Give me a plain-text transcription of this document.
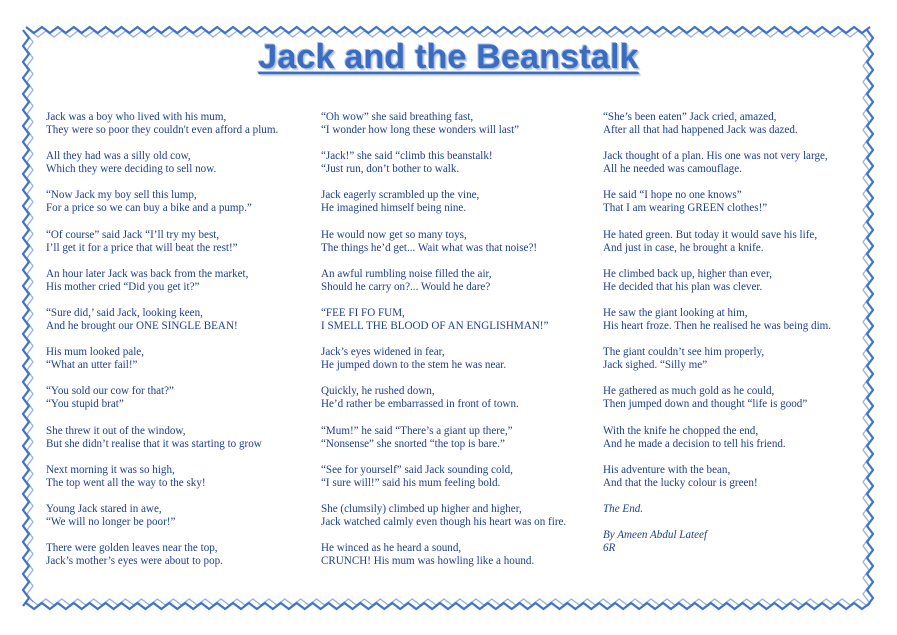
Jack and the Beanstalk
Jack was a boy who lived with his mum,
They were so poor they couldn't even afford a plum.
All they had was a silly old cow,
Which they were deciding to sell now.
“Now Jack my boy sell this lump,
For a price so we can buy a bike and a pump.”
“Of course” said Jack “I’ll try my best,
I’ll get it for a price that will beat the rest!”
An hour later Jack was back from the market,
His mother cried “Did you get it?”
“Sure did,’ said Jack, looking keen,
And he brought our ONE SINGLE BEAN!
His mum looked pale,
“What an utter fail!”
“You sold our cow for that?”
“You stupid brat”
She threw it out of the window,
But she didn’t realise that it was starting to grow
Next morning it was so high,
The top went all the way to the sky!
Young Jack stared in awe,
“We will no longer be poor!”
There were golden leaves near the top,
Jack’s mother’s eyes were about to pop.
“Oh wow” she said breathing fast,
“I wonder how long these wonders will last”
“Jack!” she said “climb this beanstalk!
“Just run, don’t bother to walk.
Jack eagerly scrambled up the vine,
He imagined himself being nine.
He would now get so many toys,
The things he’d get... Wait what was that noise?!
An awful rumbling noise filled the air,
Should he carry on?... Would he dare?
“FEE FI FO FUM,
I SMELL THE BLOOD OF AN ENGLISHMAN!”
Jack’s eyes widened in fear,
He jumped down to the stem he was near.
Quickly, he rushed down,
He’d rather be embarrassed in front of town.
“Mum!” he said “There’s a giant up there,”
“Nonsense” she snorted “the top is bare.”
“See for yourself” said Jack sounding cold,
“I sure will!” said his mum feeling bold.
She (clumsily) climbed up higher and higher,
Jack watched calmly even though his heart was on fire.
He winced as he heard a sound,
CRUNCH! His mum was howling like a hound.
“She’s been eaten” Jack cried, amazed,
After all that had happened Jack was dazed.
Jack thought of a plan. His one was not very large,
All he needed was camouflage.
He said “I hope no one knows”
That I am wearing GREEN clothes!”
He hated green. But today it would save his life,
And just in case, he brought a knife.
He climbed back up, higher than ever,
He decided that his plan was clever.
He saw the giant looking at him,
His heart froze. Then he realised he was being dim.
The giant couldn’t see him properly,
Jack sighed. “Silly me”
He gathered as much gold as he could,
Then jumped down and thought “life is good”
With the knife he chopped the end,
And he made a decision to tell his friend.
His adventure with the bean,
And that the lucky colour is green!
The End.
By Ameen Abdul Lateef
6R
